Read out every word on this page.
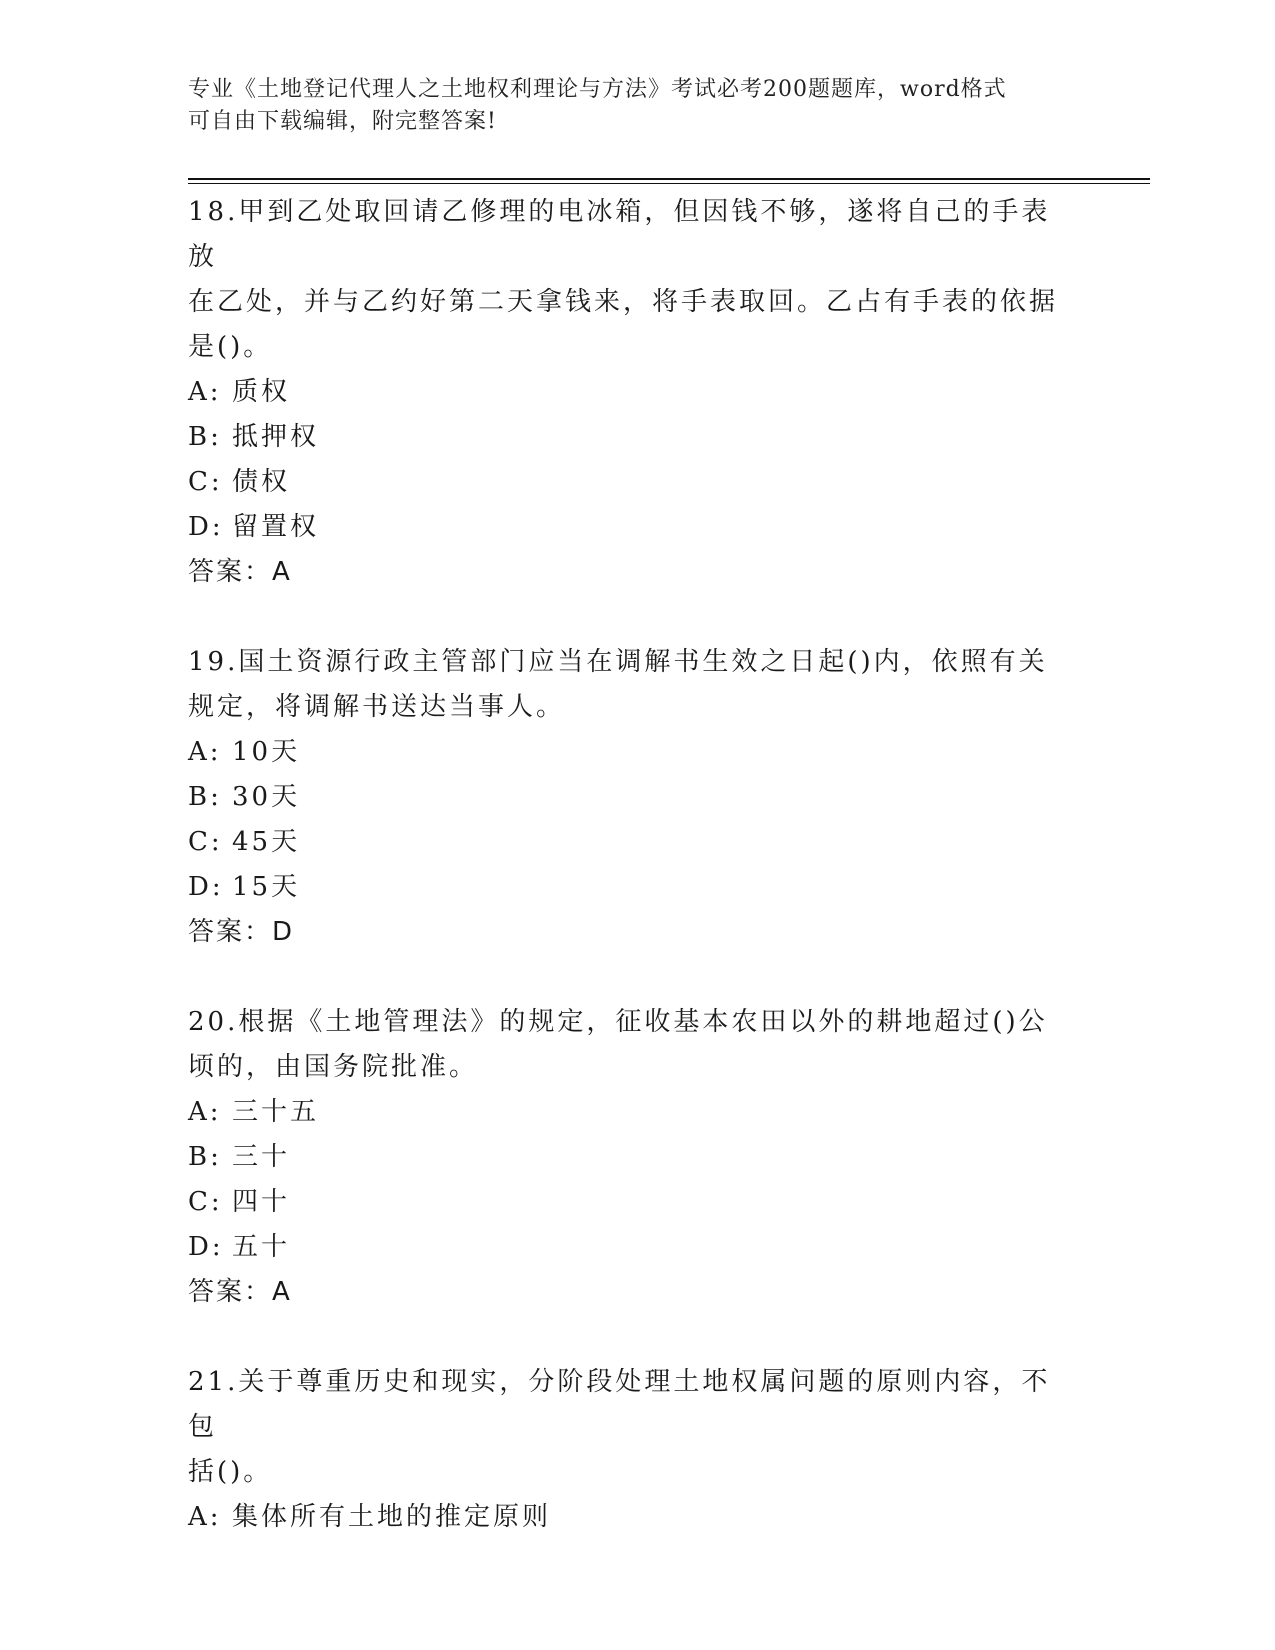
专业《土地登记代理人之土地权利理论与方法》考试必考200题题库，word格式
可自由下载编辑，附完整答案!

18.甲到乙处取回请乙修理的电冰箱，但因钱不够，遂将自己的手表放

在乙处，并与乙约好第二天拿钱来，将手表取回。乙占有手表的依据

是()。

A: 质权

B: 抵押权

C: 债权

D: 留置权

答案：A

19.国土资源行政主管部门应当在调解书生效之日起()内，依照有关

规定，将调解书送达当事人。

A: 10天

B: 30天

C: 45天

D: 15天

答案：D

20.根据《土地管理法》的规定，征收基本农田以外的耕地超过()公

顷的，由国务院批准。

A: 三十五

B: 三十

C: 四十

D: 五十

答案：A

21.关于尊重历史和现实，分阶段处理土地权属问题的原则内容，不包

括()。

A: 集体所有土地的推定原则
